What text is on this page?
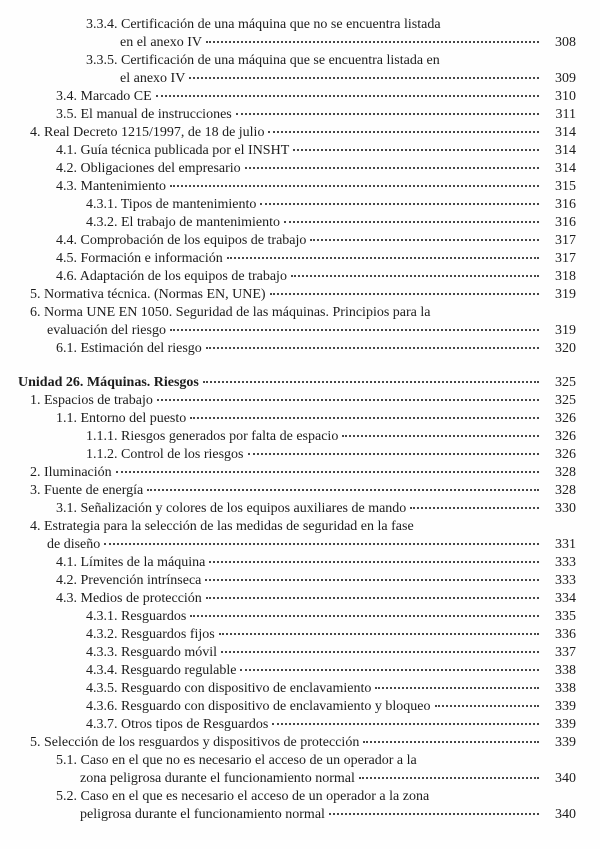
3.3.4. Certificación de una máquina que no se encuentra listada
en el anexo IV	308
3.3.5. Certificación de una máquina que se encuentra listada en
el anexo IV	309
3.4. Marcado CE	310
3.5. El manual de instrucciones	311
4. Real Decreto 1215/1997, de 18 de julio	314
4.1. Guía técnica publicada por el INSHT	314
4.2. Obligaciones del empresario	314
4.3. Mantenimiento	315
4.3.1. Tipos de mantenimiento	316
4.3.2. El trabajo de mantenimiento	316
4.4. Comprobación de los equipos de trabajo	317
4.5. Formación e información	317
4.6. Adaptación de los equipos de trabajo	318
5. Normativa técnica. (Normas EN, UNE)	319
6. Norma UNE EN 1050. Seguridad de las máquinas. Principios para la
evaluación del riesgo	319
6.1. Estimación del riesgo	320
Unidad 26. Máquinas. Riesgos	325
1. Espacios de trabajo	325
1.1. Entorno del puesto	326
1.1.1. Riesgos generados por falta de espacio	326
1.1.2. Control de los riesgos	326
2. Iluminación	328
3. Fuente de energía	328
3.1. Señalización y colores de los equipos auxiliares de mando	330
4. Estrategia para la selección de las medidas de seguridad en la fase
de diseño	331
4.1. Límites de la máquina	333
4.2. Prevención intrínseca	333
4.3. Medios de protección	334
4.3.1. Resguardos	335
4.3.2. Resguardos fijos	336
4.3.3. Resguardo móvil	337
4.3.4. Resguardo regulable	338
4.3.5. Resguardo con dispositivo de enclavamiento	338
4.3.6. Resguardo con dispositivo de enclavamiento y bloqueo	339
4.3.7. Otros tipos de Resguardos	339
5. Selección de los resguardos y dispositivos de protección	339
5.1. Caso en el que no es necesario el acceso de un operador a la
zona peligrosa durante el funcionamiento normal	340
5.2. Caso en el que es necesario el acceso de un operador a la zona
peligrosa durante el funcionamiento normal	340
